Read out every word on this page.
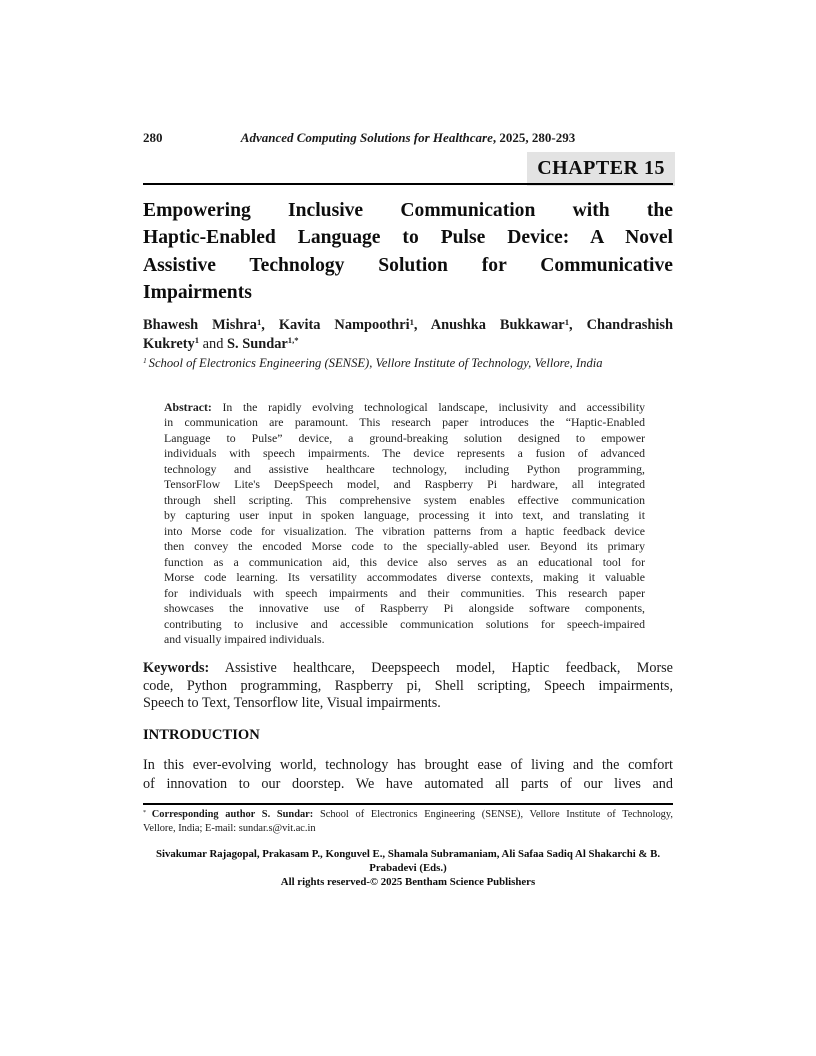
280	Advanced Computing Solutions for Healthcare, 2025, 280-293
CHAPTER 15
Empowering Inclusive Communication with the
Haptic-Enabled Language to Pulse Device: A Novel
Assistive Technology Solution for Communicative
Impairments
Bhawesh Mishra$^1$, Kavita Nampoothri$^1$, Anushka Bukkawar$^1$, Chandrashish
Kukrety$^1$ and S. Sundar$^{1,*}$
$^1$ School of Electronics Engineering (SENSE), Vellore Institute of Technology, Vellore, India
Abstract: In the rapidly evolving technological landscape, inclusivity and accessibility
in communication are paramount. This research paper introduces the “Haptic-Enabled
Language to Pulse” device, a ground-breaking solution designed to empower
individuals with speech impairments. The device represents a fusion of advanced
technology and assistive healthcare technology, including Python programming,
TensorFlow Lite's DeepSpeech model, and Raspberry Pi hardware, all integrated
through shell scripting. This comprehensive system enables effective communication
by capturing user input in spoken language, processing it into text, and translating it
into Morse code for visualization. The vibration patterns from a haptic feedback device
then convey the encoded Morse code to the specially-abled user. Beyond its primary
function as a communication aid, this device also serves as an educational tool for
Morse code learning. Its versatility accommodates diverse contexts, making it valuable
for individuals with speech impairments and their communities. This research paper
showcases the innovative use of Raspberry Pi alongside software components,
contributing to inclusive and accessible communication solutions for speech-impaired
and visually impaired individuals.
Keywords: Assistive healthcare, Deepspeech model, Haptic feedback, Morse
code, Python programming, Raspberry pi, Shell scripting, Speech impairments,
Speech to Text, Tensorflow lite, Visual impairments.
INTRODUCTION
In this ever-evolving world, technology has brought ease of living and the comfort
of innovation to our doorstep. We have automated all parts of our lives and
* Corresponding author S. Sundar: School of Electronics Engineering (SENSE), Vellore Institute of Technology,
Vellore, India; E-mail: sundar.s@vit.ac.in
Sivakumar Rajagopal, Prakasam P., Konguvel E., Shamala Subramaniam, Ali Safaa Sadiq Al Shakarchi & B.
Prabadevi (Eds.)
All rights reserved-© 2025 Bentham Science Publishers
